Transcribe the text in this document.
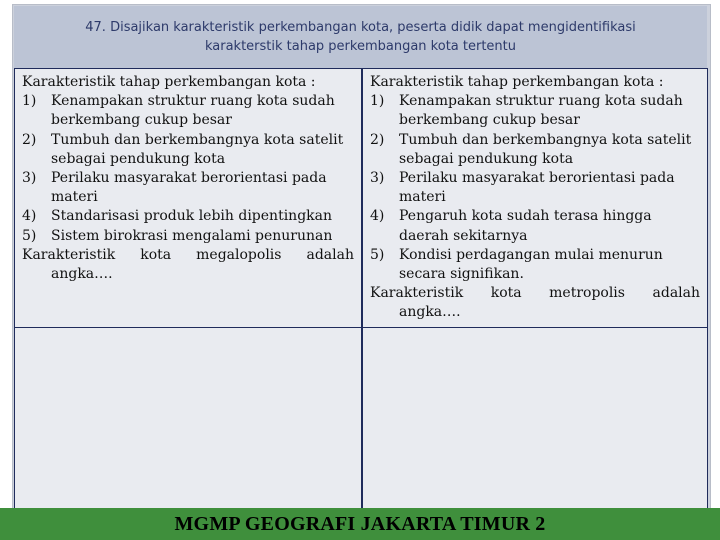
47. Disajikan karakteristik perkembangan kota, peserta didik dapat mengidentifikasi
karakterstik tahap perkembangan kota tertentu

Karakteristik tahap perkembangan kota :

1) Kenampakan struktur ruang kota sudah berkembang cukup besar
2) Tumbuh dan berkembangnya kota satelit sebagai pendukung kota
3) Perilaku masyarakat berorientasi pada materi
4) Standarisasi produk lebih dipentingkan
5) Sistem birokrasi mengalami penurunan
Karakteristik kota megalopolis adalah
angka….

Karakteristik tahap perkembangan kota :

1) Kenampakan struktur ruang kota sudah berkembang cukup besar
2) Tumbuh dan berkembangnya kota satelit sebagai pendukung kota
3) Perilaku masyarakat berorientasi pada materi
4) Pengaruh kota sudah terasa hingga daerah sekitarnya
5) Kondisi perdagangan mulai menurun secara signifikan.
Karakteristik kota metropolis adalah
angka….
MGMP GEOGRAFI JAKARTA TIMUR 2
